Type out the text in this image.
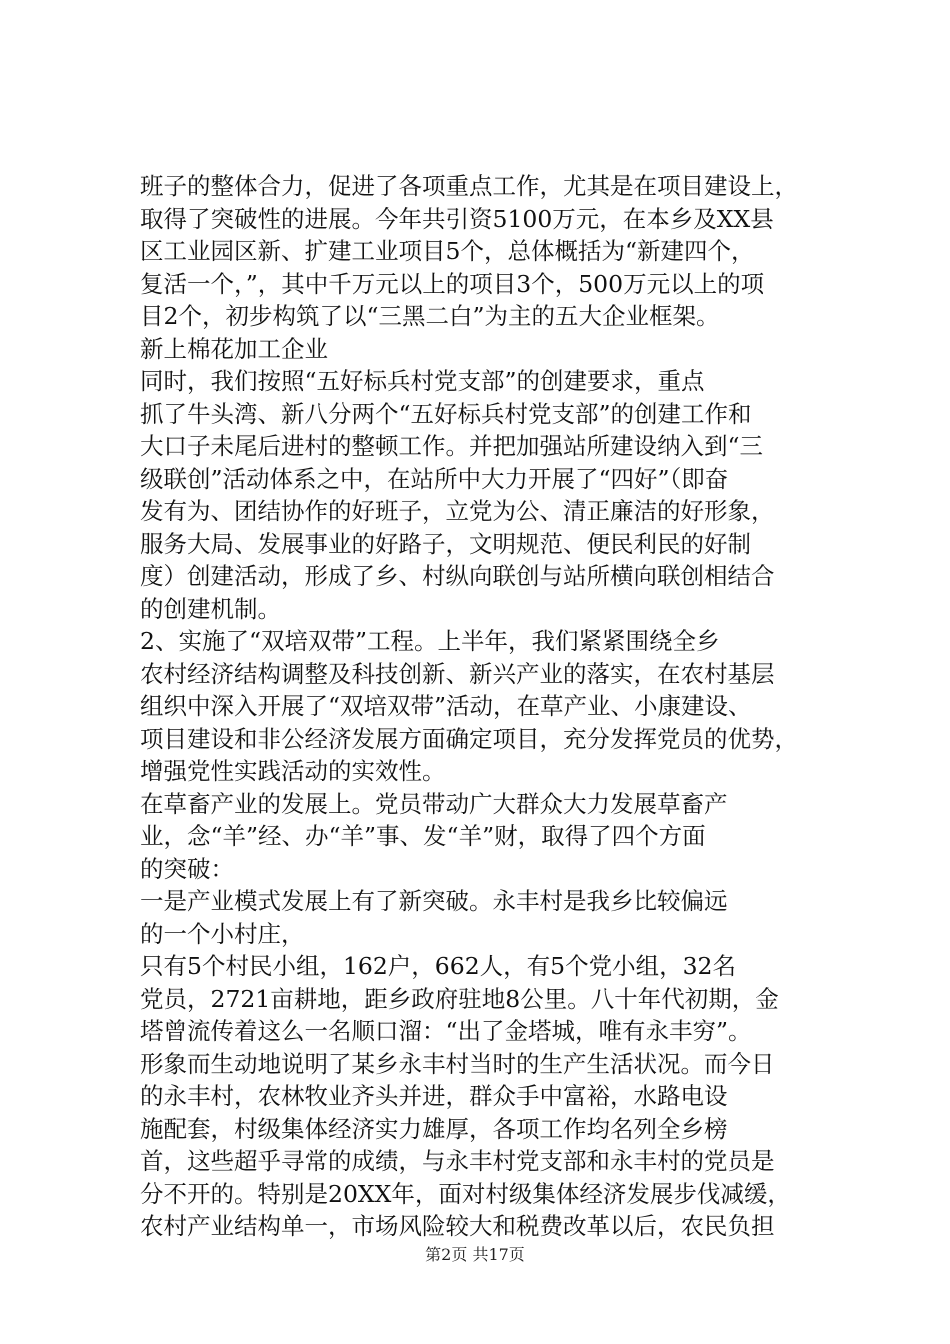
班子的整体合力，促进了各项重点工作，尤其是在项目建设上，
取得了突破性的进展。今年共引资5100万元，在本乡及XX县
区工业园区新、扩建工业项目5个，总体概括为“新建四个，
复活一个，”，其中千万元以上的项目3个，500万元以上的项
目2个，初步构筑了以“三黑二白”为主的五大企业框架。
新上棉花加工企业
同时，我们按照“五好标兵村党支部”的创建要求，重点
抓了牛头湾、新八分两个“五好标兵村党支部”的创建工作和
大口子未尾后进村的整顿工作。并把加强站所建设纳入到“三
级联创”活动体系之中，在站所中大力开展了“四好”（即奋
发有为、团结协作的好班子，立党为公、清正廉洁的好形象，
服务大局、发展事业的好路子，文明规范、便民利民的好制
度）创建活动，形成了乡、村纵向联创与站所横向联创相结合
的创建机制。
2、实施了“双培双带”工程。上半年，我们紧紧围绕全乡
农村经济结构调整及科技创新、新兴产业的落实，在农村基层
组织中深入开展了“双培双带”活动，在草产业、小康建设、
项目建设和非公经济发展方面确定项目，充分发挥党员的优势，
增强党性实践活动的实效性。
在草畜产业的发展上。党员带动广大群众大力发展草畜产
业，念“羊”经、办“羊”事、发“羊”财，取得了四个方面
的突破：
一是产业模式发展上有了新突破。永丰村是我乡比较偏远
的一个小村庄，
只有5个村民小组，162户，662人，有5个党小组，32名
党员，2721亩耕地，距乡政府驻地8公里。八十年代初期，金
塔曾流传着这么一名顺口溜：“出了金塔城，唯有永丰穷”。
形象而生动地说明了某乡永丰村当时的生产生活状况。而今日
的永丰村，农林牧业齐头并进，群众手中富裕，水路电设
施配套，村级集体经济实力雄厚，各项工作均名列全乡榜
首，这些超乎寻常的成绩，与永丰村党支部和永丰村的党员是
分不开的。特别是20XX年，面对村级集体经济发展步伐减缓，
农村产业结构单一，市场风险较大和税费改革以后，农民负担
第2页 共17页
